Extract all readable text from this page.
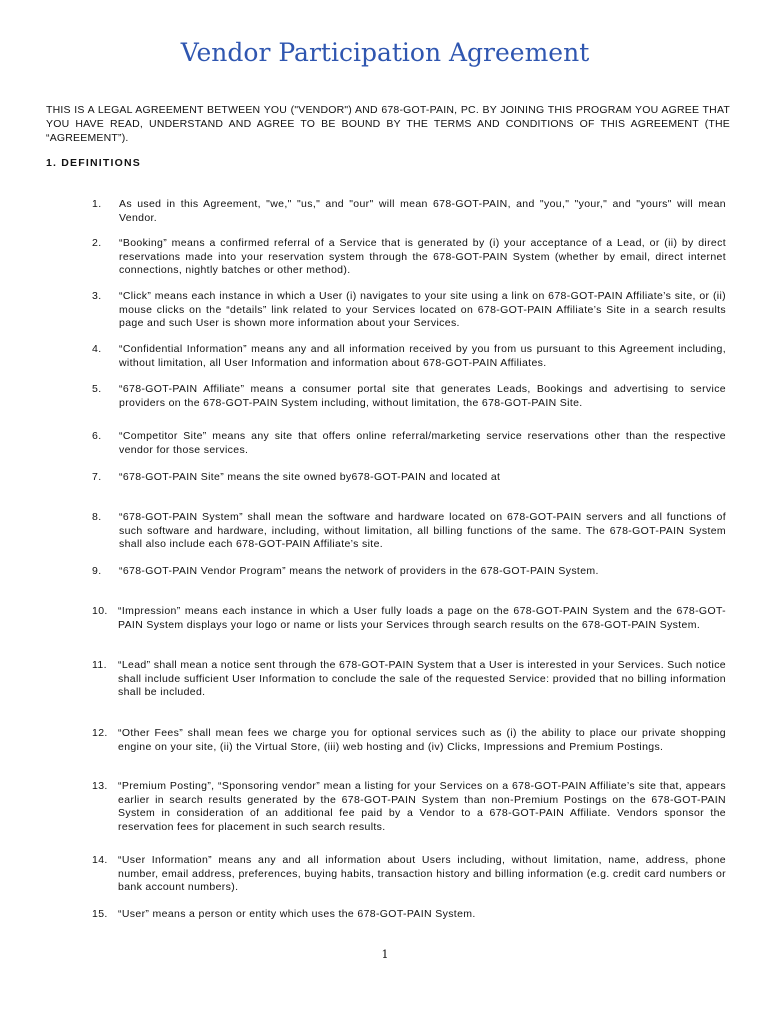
Vendor Participation Agreement

THIS IS A LEGAL AGREEMENT BETWEEN YOU ("VENDOR") AND 678-GOT-PAIN, PC. BY JOINING THIS PROGRAM YOU AGREE THAT YOU HAVE READ, UNDERSTAND AND AGREE TO BE BOUND BY THE TERMS AND CONDITIONS OF THIS AGREEMENT (THE “AGREEMENT”).

1. DEFINITIONS

1.	As used in this Agreement, "we," "us," and "our" will mean 678-GOT-PAIN, and "you," "your," and "yours" will mean Vendor.
2.	“Booking” means a confirmed referral of a Service that is generated by (i) your acceptance of a Lead, or (ii) by direct reservations made into your reservation system through the 678-GOT-PAIN System (whether by email, direct internet connections, nightly batches or other method).
3.	“Click” means each instance in which a User (i) navigates to your site using a link on 678-GOT-PAIN Affiliate’s site, or (ii) mouse clicks on the “details” link related to your Services located on 678-GOT-PAIN Affiliate’s Site in a search results page and such User is shown more information about your Services.
4.	“Confidential Information” means any and all information received by you from us pursuant to this Agreement including, without limitation, all User Information and information about 678-GOT-PAIN Affiliates.
5.	“678-GOT-PAIN Affiliate” means a consumer portal site that generates Leads, Bookings and advertising to service providers on the 678-GOT-PAIN System including, without limitation, the 678-GOT-PAIN Site.
6.	“Competitor Site” means any site that offers online referral/marketing service reservations other than the respective vendor for those services.
7.	“678-GOT-PAIN Site” means the site owned by678-GOT-PAIN and located at
8.	“678-GOT-PAIN System” shall mean the software and hardware located on 678-GOT-PAIN servers and all functions of such software and hardware, including, without limitation, all billing functions of the same. The 678-GOT-PAIN System shall also include each 678-GOT-PAIN Affiliate’s site.
9.	“678-GOT-PAIN Vendor Program” means the network of providers in the 678-GOT-PAIN System.
10. “Impression” means each instance in which a User fully loads a page on the 678-GOT-PAIN System and the 678-GOT-PAIN System displays your logo or name or lists your Services through search results on the 678-GOT-PAIN System.
11.	“Lead” shall mean a notice sent through the 678-GOT-PAIN System that a User is interested in your Services. Such notice shall include sufficient User Information to conclude the sale of the requested Service: provided that no billing information shall be included.
12. “Other Fees” shall mean fees we charge you for optional services such as (i) the ability to place our private shopping engine on your site, (ii) the Virtual Store, (iii) web hosting and (iv) Clicks, Impressions and Premium Postings.
13. “Premium Posting”, “Sponsoring vendor” mean a listing for your Services on a 678-GOT-PAIN Affiliate’s site that, appears earlier in search results generated by the 678-GOT-PAIN System than non-Premium Postings on the 678-GOT-PAIN System in consideration of an additional fee paid by a Vendor to a 678-GOT-PAIN Affiliate. Vendors sponsor the reservation fees for placement in such search results.
14. “User Information” means any and all information about Users including, without limitation, name, address, phone number, email address, preferences, buying habits, transaction history and billing information (e.g. credit card numbers or bank account numbers).
15. “User” means a person or entity which uses the 678-GOT-PAIN System.

1
